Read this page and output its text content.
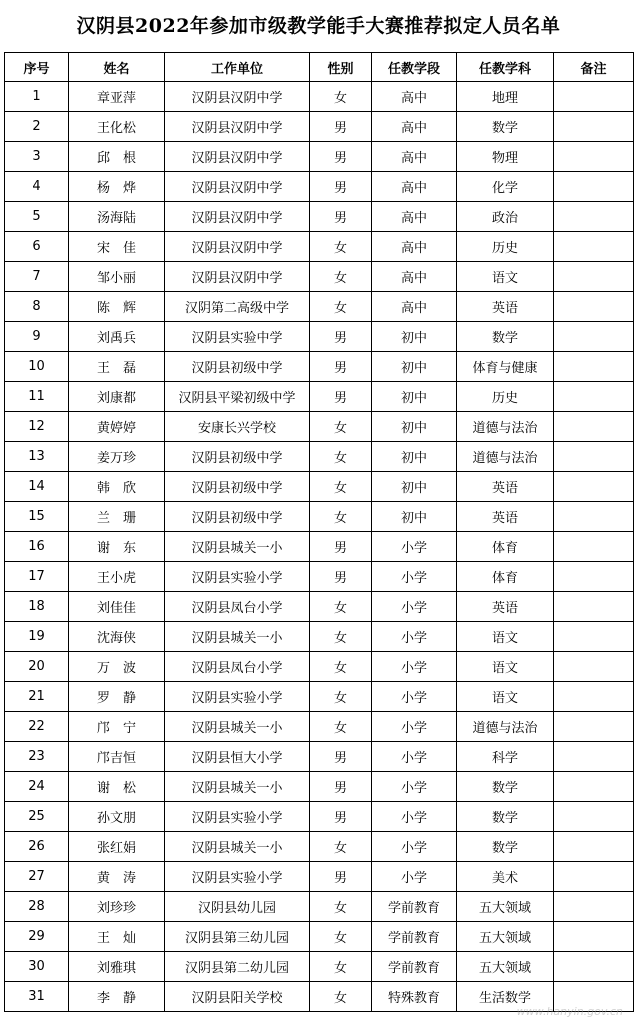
汉阴县2022年参加市级教学能手大赛推荐拟定人员名单
序号	姓名	工作单位	性别	任教学段	任教学科	备注
1	章亚萍	汉阴县汉阴中学	女	高中	地理	
2	王化松	汉阴县汉阴中学	男	高中	数学	
3	邱　根	汉阴县汉阴中学	男	高中	物理	
4	杨　烨	汉阴县汉阴中学	男	高中	化学	
5	汤海陆	汉阴县汉阴中学	男	高中	政治	
6	宋　佳	汉阴县汉阴中学	女	高中	历史	
7	邹小丽	汉阴县汉阴中学	女	高中	语文	
8	陈　辉	汉阴第二高级中学	女	高中	英语	
9	刘禹兵	汉阴县实验中学	男	初中	数学	
10	王　磊	汉阴县初级中学	男	初中	体育与健康	
11	刘康都	汉阴县平梁初级中学	男	初中	历史	
12	黄婷婷	安康长兴学校	女	初中	道德与法治	
13	姜万珍	汉阴县初级中学	女	初中	道德与法治	
14	韩　欣	汉阴县初级中学	女	初中	英语	
15	兰　珊	汉阴县初级中学	女	初中	英语	
16	谢　东	汉阴县城关一小	男	小学	体育	
17	王小虎	汉阴县实验小学	男	小学	体育	
18	刘佳佳	汉阴县凤台小学	女	小学	英语	
19	沈海侠	汉阴县城关一小	女	小学	语文	
20	万　波	汉阴县凤台小学	女	小学	语文	
21	罗　静	汉阴县实验小学	女	小学	语文	
22	邝　宁	汉阴县城关一小	女	小学	道德与法治	
23	邝吉恒	汉阴县恒大小学	男	小学	科学	
24	谢　松	汉阴县城关一小	男	小学	数学	
25	孙文朋	汉阴县实验小学	男	小学	数学	
26	张红娟	汉阴县城关一小	女	小学	数学	
27	黄　涛	汉阴县实验小学	男	小学	美术	
28	刘珍珍	汉阴县幼儿园	女	学前教育	五大领域	
29	王　灿	汉阴县第三幼儿园	女	学前教育	五大领域	
30	刘雅琪	汉阴县第二幼儿园	女	学前教育	五大领域	
31	李　静	汉阴县阳关学校	女	特殊教育	生活数学	
www.hanyin.gov.cn
